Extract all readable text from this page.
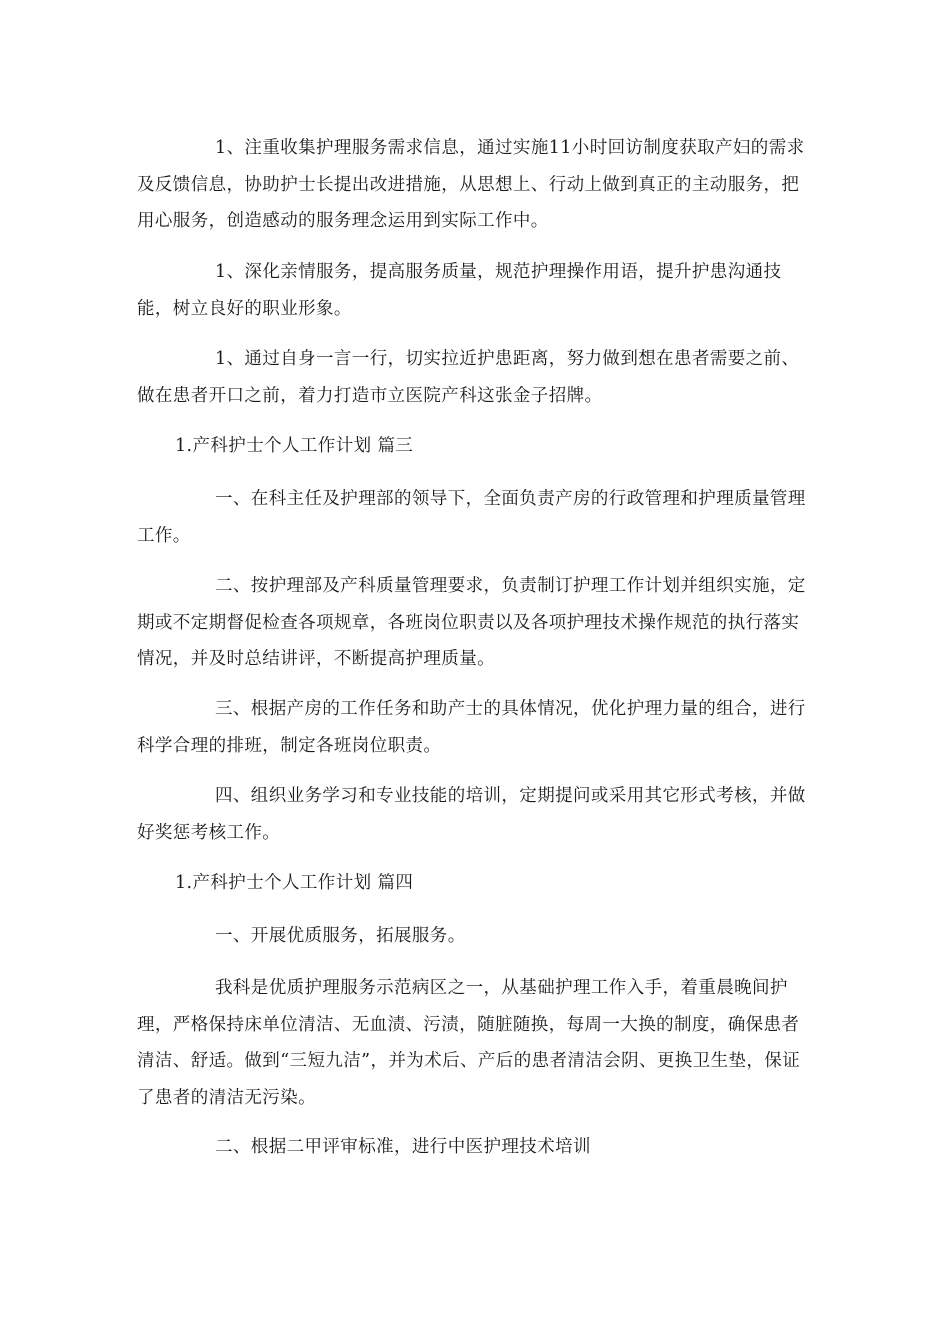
1、注重收集护理服务需求信息，通过实施11小时回访制度获取产妇的需求及反馈信息，协助护士长提出改进措施，从思想上、行动上做到真正的主动服务，把用心服务，创造感动的服务理念运用到实际工作中。

1、深化亲情服务，提高服务质量，规范护理操作用语，提升护患沟通技能，树立良好的职业形象。

1、通过自身一言一行，切实拉近护患距离，努力做到想在患者需要之前、做在患者开口之前，着力打造市立医院产科这张金子招牌。

1.产科护士个人工作计划 篇三

一、在科主任及护理部的领导下，全面负责产房的行政管理和护理质量管理工作。

二、按护理部及产科质量管理要求，负责制订护理工作计划并组织实施，定期或不定期督促检查各项规章，各班岗位职责以及各项护理技术操作规范的执行落实情况，并及时总结讲评，不断提高护理质量。

三、根据产房的工作任务和助产士的具体情况，优化护理力量的组合，进行科学合理的排班，制定各班岗位职责。

四、组织业务学习和专业技能的培训，定期提问或采用其它形式考核，并做好奖惩考核工作。

1.产科护士个人工作计划 篇四

一、开展优质服务，拓展服务。

我科是优质护理服务示范病区之一，从基础护理工作入手，着重晨晚间护理，严格保持床单位清洁、无血渍、污渍，随脏随换，每周一大换的制度，确保患者清洁、舒适。做到“三短九洁”，并为术后、产后的患者清洁会阴、更换卫生垫，保证了患者的清洁无污染。

二、根据二甲评审标准，进行中医护理技术培训
